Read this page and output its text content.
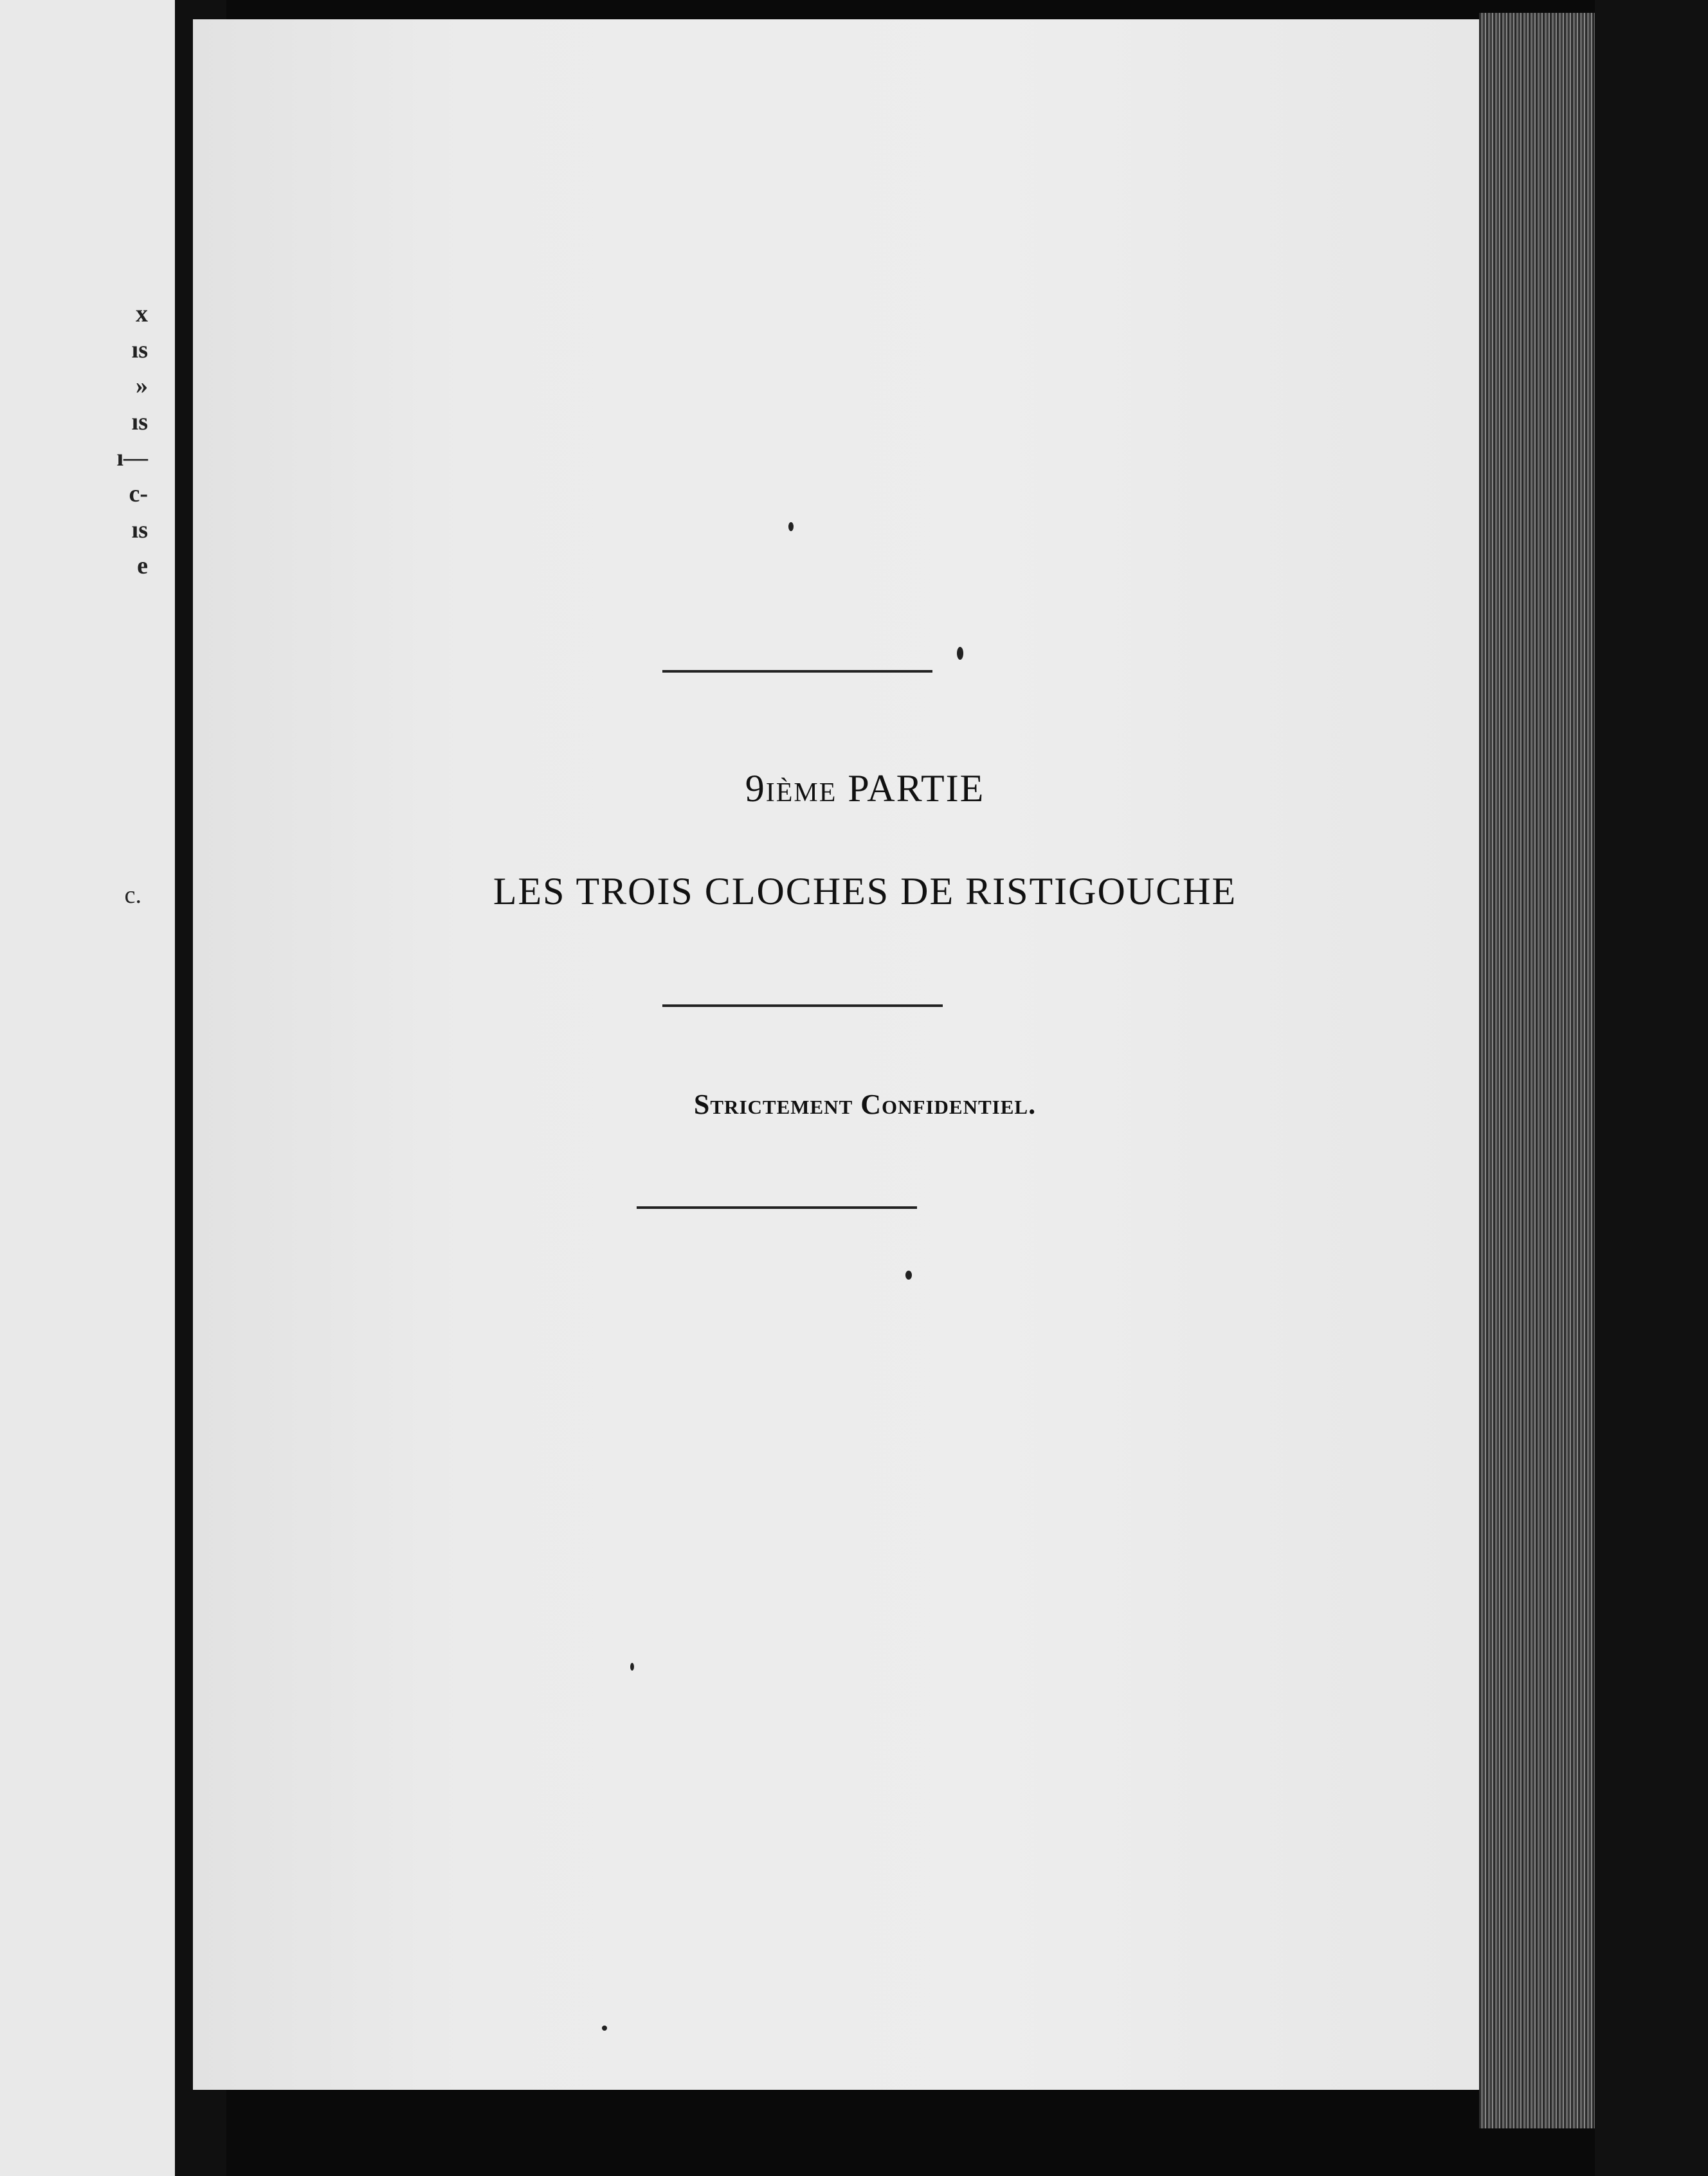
x
ıs
»
ıs
ı—
c-
ıs
e
c.
9IÈME PARTIE
LES TROIS CLOCHES DE RISTIGOUCHE
Strictement Confidentiel.
